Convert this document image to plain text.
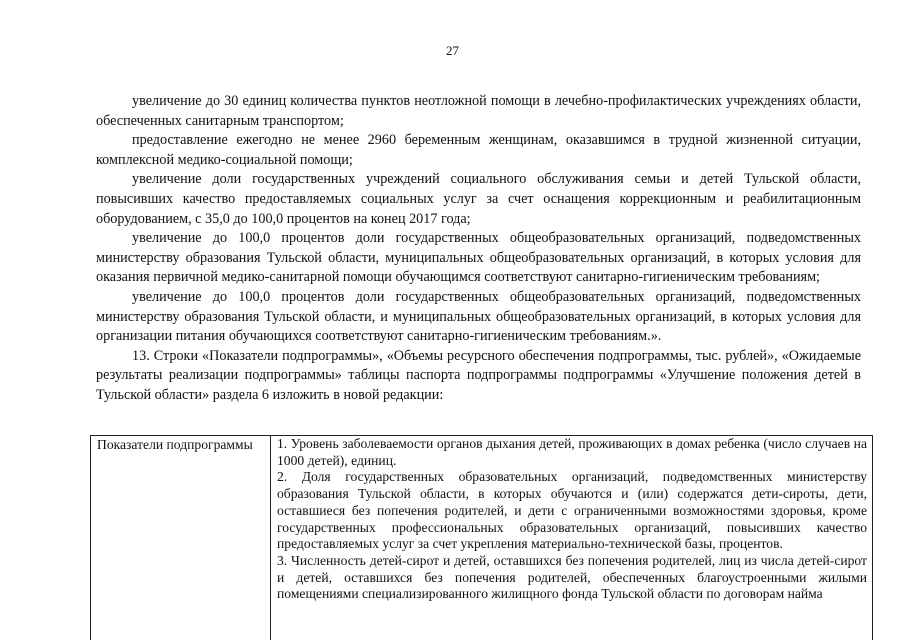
27

увеличение до 30 единиц количества пунктов неотложной помощи в лечебно-профилактических учреждениях области, обеспеченных санитарным транспортом;

предоставление ежегодно не менее 2960 беременным женщинам, оказавшимся в трудной жизненной ситуации, комплексной медико-социальной помощи;

увеличение доли государственных учреждений социального обслуживания семьи и детей Тульской области, повысивших качество предоставляемых социальных услуг за счет оснащения коррекционным и реабилитационным оборудованием, с 35,0 до 100,0 процентов на конец 2017 года;

увеличение до 100,0 процентов доли государственных общеобразовательных организаций, подведомственных министерству образования Тульской области, муниципальных общеобразовательных организаций, в которых условия для оказания первичной медико-санитарной помощи обучающимся соответствуют санитарно-гигиеническим требованиям;

увеличение до 100,0 процентов доли государственных общеобразовательных организаций, подведомственных министерству образования Тульской области, и муниципальных общеобразовательных организаций, в которых условия для организации питания обучающихся соответствуют санитарно-гигиеническим требованиям.».

13. Строки «Показатели подпрограммы», «Объемы ресурсного обеспечения подпрограммы, тыс. рублей», «Ожидаемые результаты реализации подпрограммы» таблицы паспорта подпрограммы подпрограммы «Улучшение положения детей в Тульской области» раздела 6 изложить в новой редакции:

Показатели подпрограммы	1. Уровень заболеваемости органов дыхания детей, проживающих в домах ребенка (число случаев на 1000 детей), единиц.

2. Доля государственных образовательных организаций, подведомственных министерству образования Тульской области, в которых обучаются и (или) содержатся дети-сироты, дети, оставшиеся без попечения родителей, и дети с ограниченными возможностями здоровья, кроме государственных профессиональных образовательных организаций, повысивших качество предоставляемых услуг за счет укрепления материально-технической базы, процентов.

3. Численность детей-сирот и детей, оставшихся без попечения родителей, лиц из числа детей-сирот и детей, оставшихся без попечения родителей, обеспеченных благоустроенными жилыми помещениями специализированного жилищного фонда Тульской области по договорам найма
